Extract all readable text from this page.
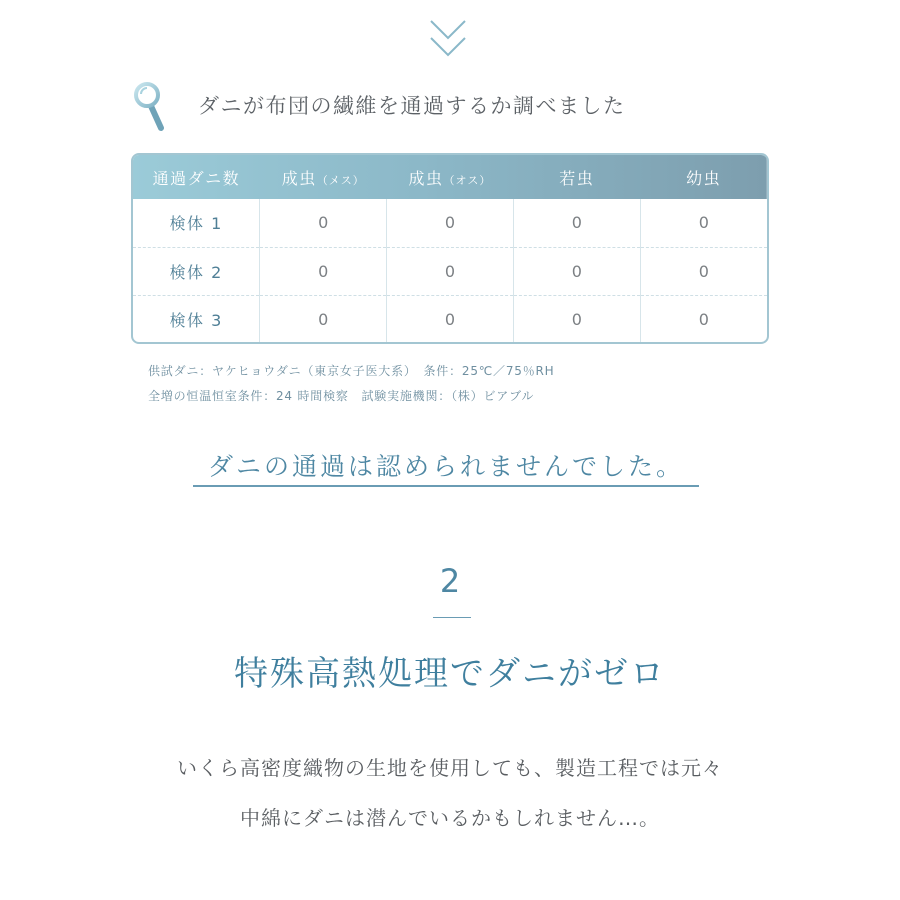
ダニが布団の繊維を通過するか調べました
通過ダニ数	成虫（メス）	成虫（オス）	若虫	幼虫
検体 1	0	0	0	0
検体 2	0	0	0	0
検体 3	0	0	0	0

供試ダニ：ヤケヒョウダニ（東京女子医大系）　条件：25℃／75％RH

全増の恒温恒室条件：24 時間検察　試験実施機関：（株）ビアブル

ダニの通過は認められませんでした。
2
特殊高熱処理でダニがゼロ

いくら高密度織物の生地を使用しても、製造工程では元々

中綿にダニは潜んでいるかもしれません…。
